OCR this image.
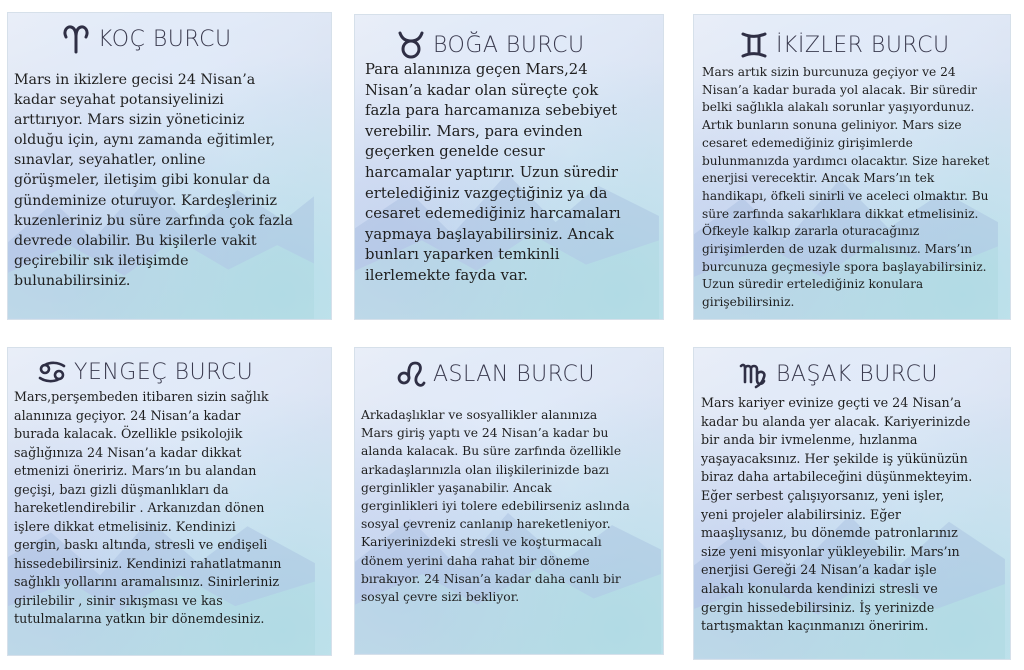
KOÇ BURCU
Mars in ikizlere gecisi 24 Nisan’a
kadar seyahat potansiyelinizi
arttırıyor. Mars sizin yöneticiniz
olduğu için, aynı zamanda eğitimler,
sınavlar, seyahatler, online
görüşmeler, iletişim gibi konular da
gündeminize oturuyor. Kardeşleriniz
kuzenleriniz bu süre zarfında çok fazla
devrede olabilir. Bu kişilerle vakit
geçirebilir sık iletişimde
bulunabilirsiniz.
BOĞA BURCU
Para alanınıza geçen Mars,24
Nisan’a kadar olan süreçte çok
fazla para harcamanıza sebebiyet
verebilir. Mars, para evinden
geçerken genelde cesur
harcamalar yaptırır. Uzun süredir
ertelediğiniz vazgeçtiğiniz ya da
cesaret edemediğiniz harcamaları
yapmaya başlayabilirsiniz. Ancak
bunları yaparken temkinli
ilerlemekte fayda var.
İKİZLER BURCU
Mars artık sizin burcunuza geçiyor ve 24
Nisan’a kadar burada yol alacak. Bir süredir
belki sağlıkla alakalı sorunlar yaşıyordunuz.
Artık bunların sonuna geliniyor. Mars size
cesaret edemediğiniz girişimlerde
bulunmanızda yardımcı olacaktır. Size hareket
enerjisi verecektir. Ancak Mars’ın tek
handikapı, öfkeli sinirli ve aceleci olmaktır. Bu
süre zarfında sakarlıklara dikkat etmelisiniz.
Öfkeyle kalkıp zararla oturacağınız
girişimlerden de uzak durmalısınız. Mars’ın
burcunuza geçmesiyle spora başlayabilirsiniz.
Uzun süredir ertelediğiniz konulara
girişebilirsiniz.
YENGEÇ BURCU
Mars,perşembeden itibaren sizin sağlık
alanınıza geçiyor. 24 Nisan’a kadar
burada kalacak. Özellikle psikolojik
sağlığınıza 24 Nisan’a kadar dikkat
etmenizi öneririz. Mars’ın bu alandan
geçişi, bazı gizli düşmanlıkları da
hareketlendirebilir . Arkanızdan dönen
işlere dikkat etmelisiniz. Kendinizi
gergin, baskı altında, stresli ve endişeli
hissedebilirsiniz. Kendinizi rahatlatmanın
sağlıklı yollarını aramalısınız. Sinirleriniz
girilebilir , sinir sıkışması ve kas
tutulmalarına yatkın bir dönemdesiniz.
ASLAN BURCU
Arkadaşlıklar ve sosyallikler alanınıza
Mars giriş yaptı ve 24 Nisan’a kadar bu
alanda kalacak. Bu süre zarfında özellikle
arkadaşlarınızla olan ilişkilerinizde bazı
gerginlikler yaşanabilir. Ancak
gerginlikleri iyi tolere edebilirseniz aslında
sosyal çevreniz canlanıp hareketleniyor.
Kariyerinizdeki stresli ve koşturmacalı
dönem yerini daha rahat bir döneme
bırakıyor. 24 Nisan’a kadar daha canlı bir
sosyal çevre sizi bekliyor.
BAŞAK BURCU
Mars kariyer evinize geçti ve 24 Nisan’a
kadar bu alanda yer alacak. Kariyerinizde
bir anda bir ivmelenme, hızlanma
yaşayacaksınız. Her şekilde iş yükünüzün
biraz daha artabileceğini düşünmekteyim.
Eğer serbest çalışıyorsanız, yeni işler,
yeni projeler alabilirsiniz. Eğer
maaşlıysanız, bu dönemde patronlarınız
size yeni misyonlar yükleyebilir. Mars’ın
enerjisi Gereği 24 Nisan’a kadar işle
alakalı konularda kendinizi stresli ve
gergin hissedebilirsiniz. İş yerinizde
tartışmaktan kaçınmanızı öneririm.
